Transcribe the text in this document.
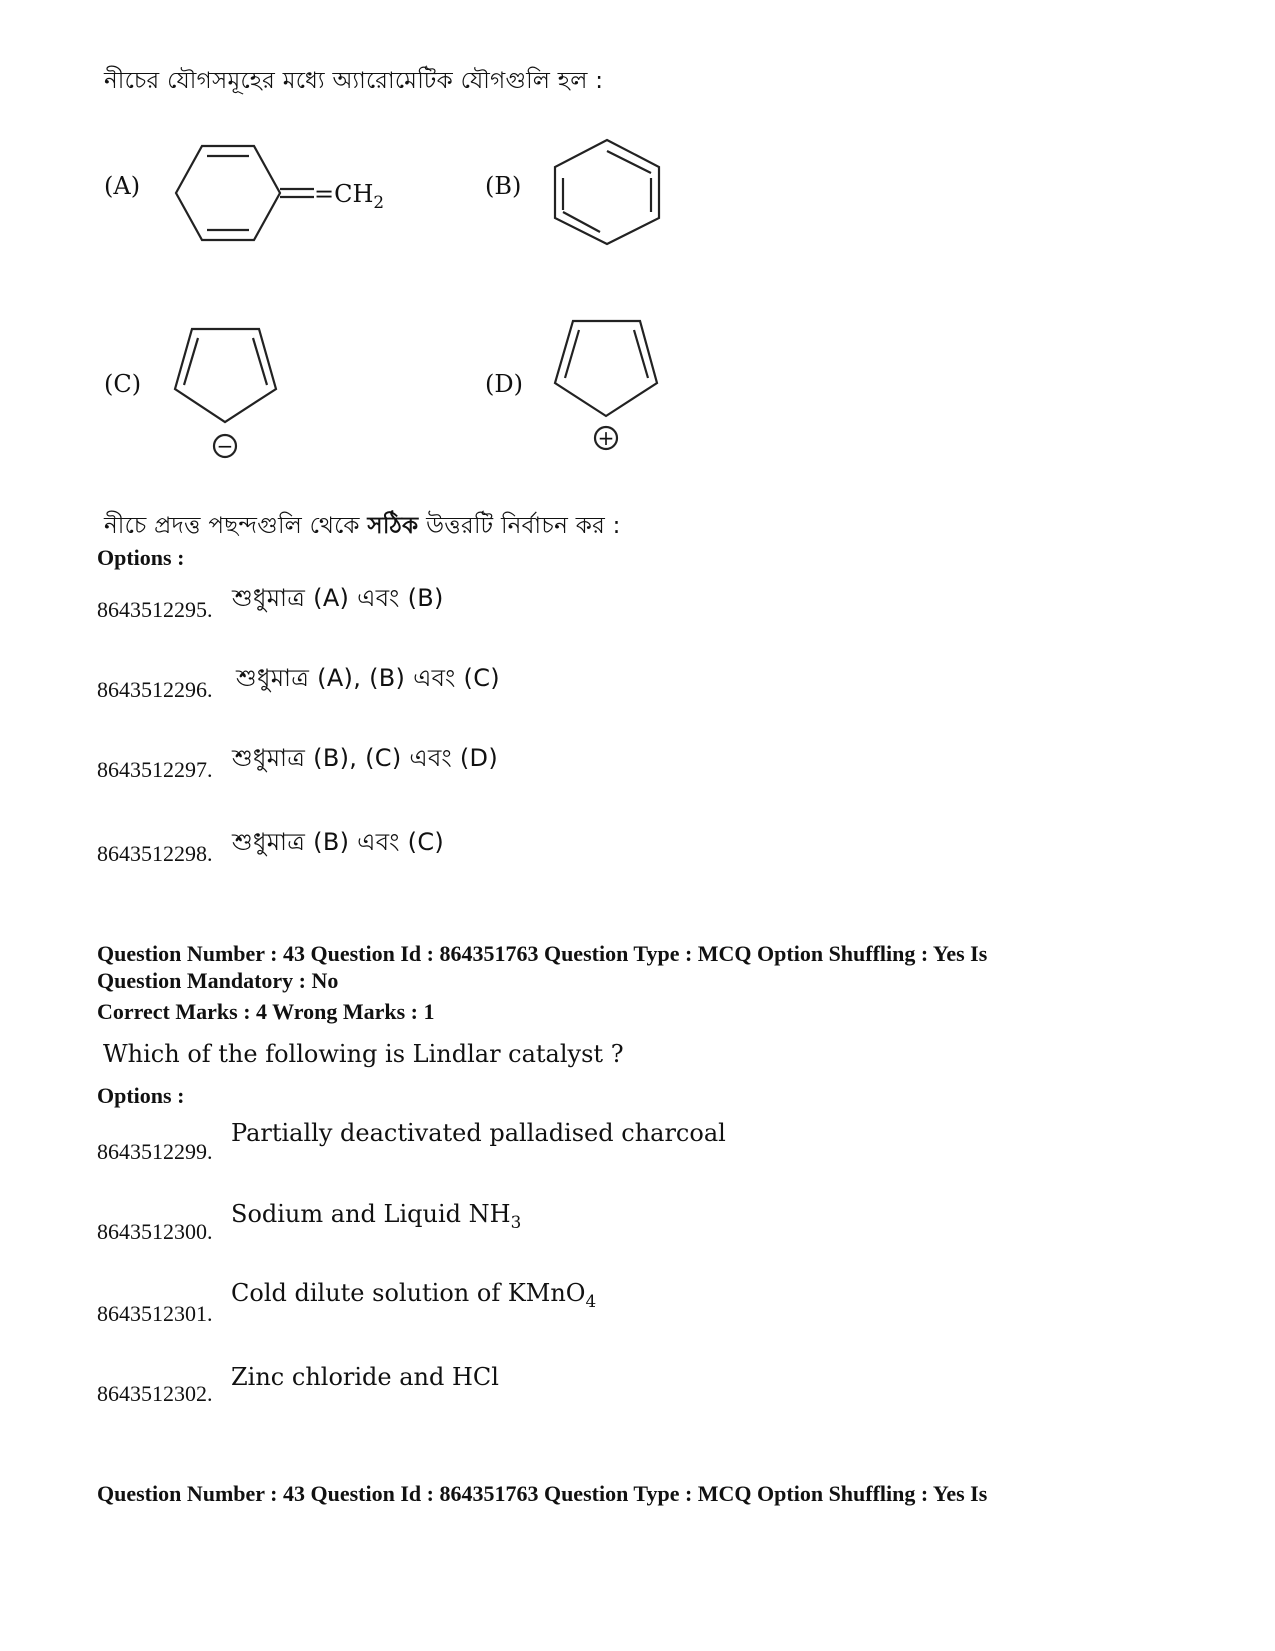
নীচের যৌগসমূহের মধ্যে অ্যারোমেটিক যৌগগুলি হল :
(A)	$=CH_2$
(B)
(C)
−
(D)
+
নীচে প্রদত্ত পছন্দগুলি থেকে সঠিক উত্তরটি নির্বাচন কর :
Options :
8643512295. শুধুমাত্র (A) এবং (B)
8643512296. শুধুমাত্র (A), (B) এবং (C)
8643512297. শুধুমাত্র (B), (C) এবং (D)
8643512298. শুধুমাত্র (B) এবং (C)
Question Number : 43 Question Id : 864351763 Question Type : MCQ Option Shuffling : Yes Is
Question Mandatory : No
Correct Marks : 4 Wrong Marks : 1
Which of the following is Lindlar catalyst ?
Options :
8643512299.
Partially deactivated palladised charcoal
8643512300.
Sodium and Liquid $NH_3$
8643512301.
Cold dilute solution of KMnO$_4$
8643512302.
Zinc chloride and HCl
Question Number : 43 Question Id : 864351763 Question Type : MCQ Option Shuffling : Yes Is
